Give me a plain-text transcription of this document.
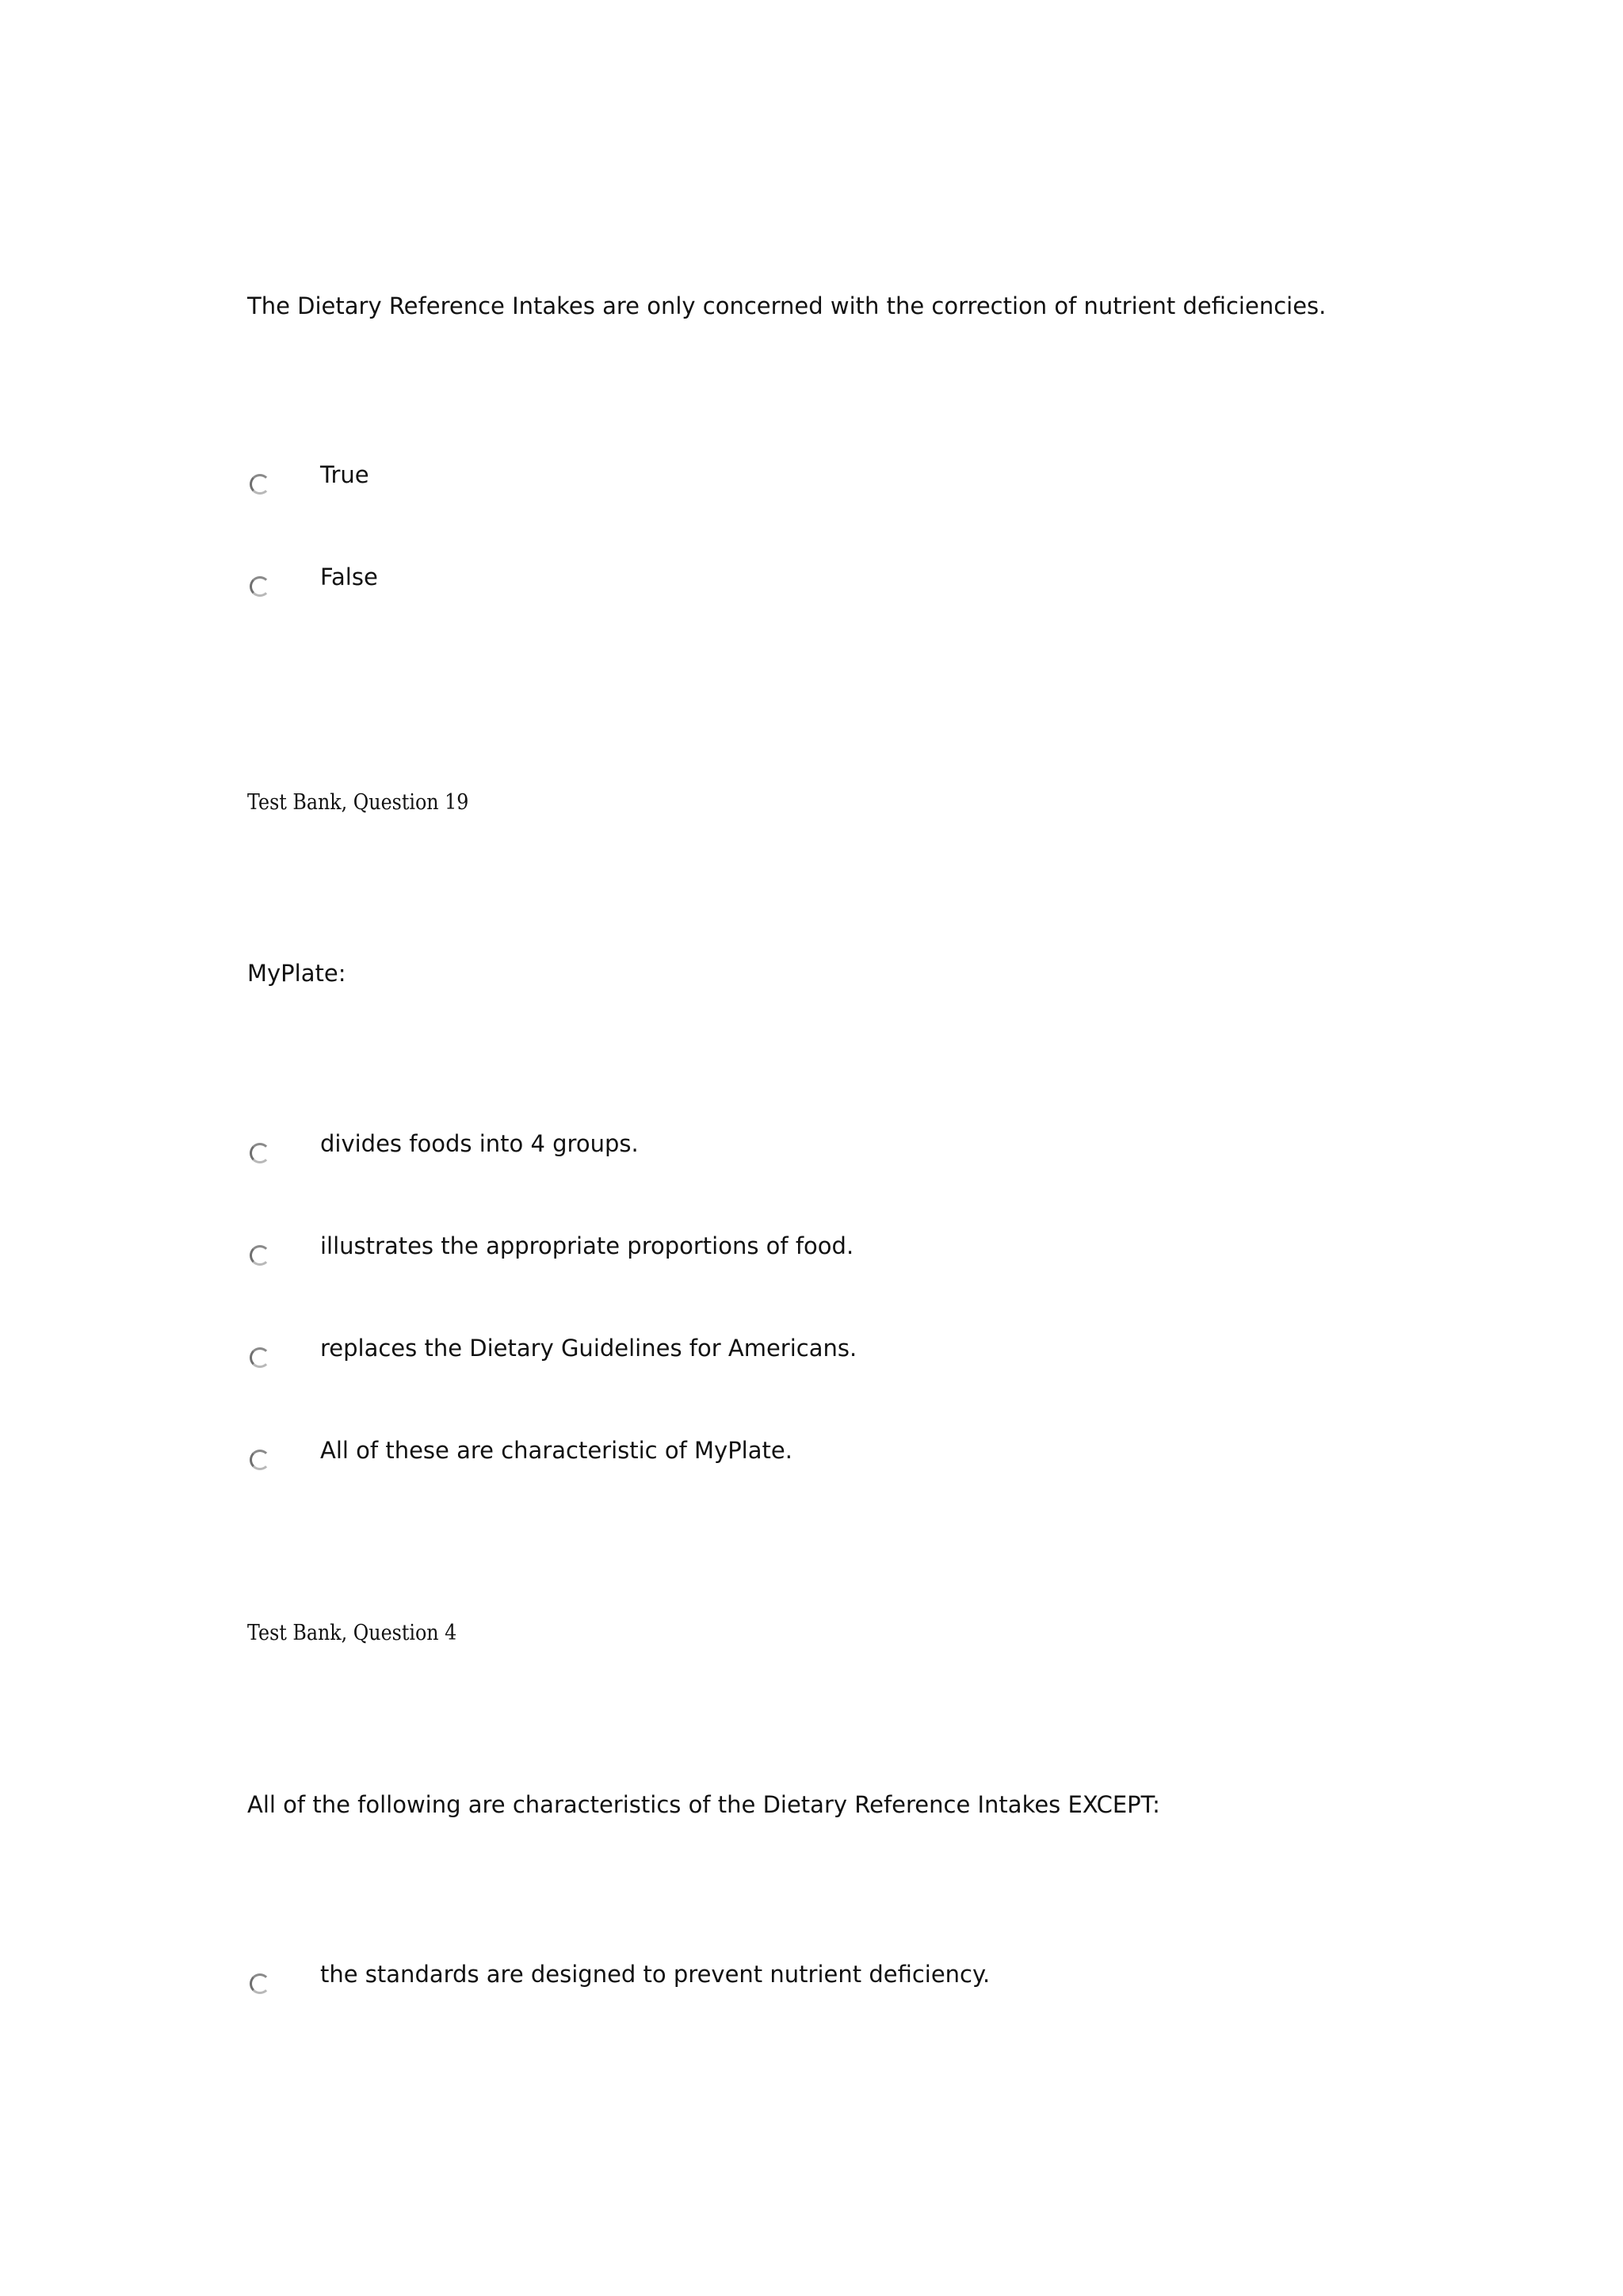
The Dietary Reference Intakes are only concerned with the correction of nutrient deficiencies.
True
False
Test Bank, Question 19
MyPlate:
divides foods into 4 groups.
illustrates the appropriate proportions of food.
replaces the Dietary Guidelines for Americans.
All of these are characteristic of MyPlate.
Test Bank, Question 4
All of the following are characteristics of the Dietary Reference Intakes EXCEPT:
the standards are designed to prevent nutrient deficiency.
